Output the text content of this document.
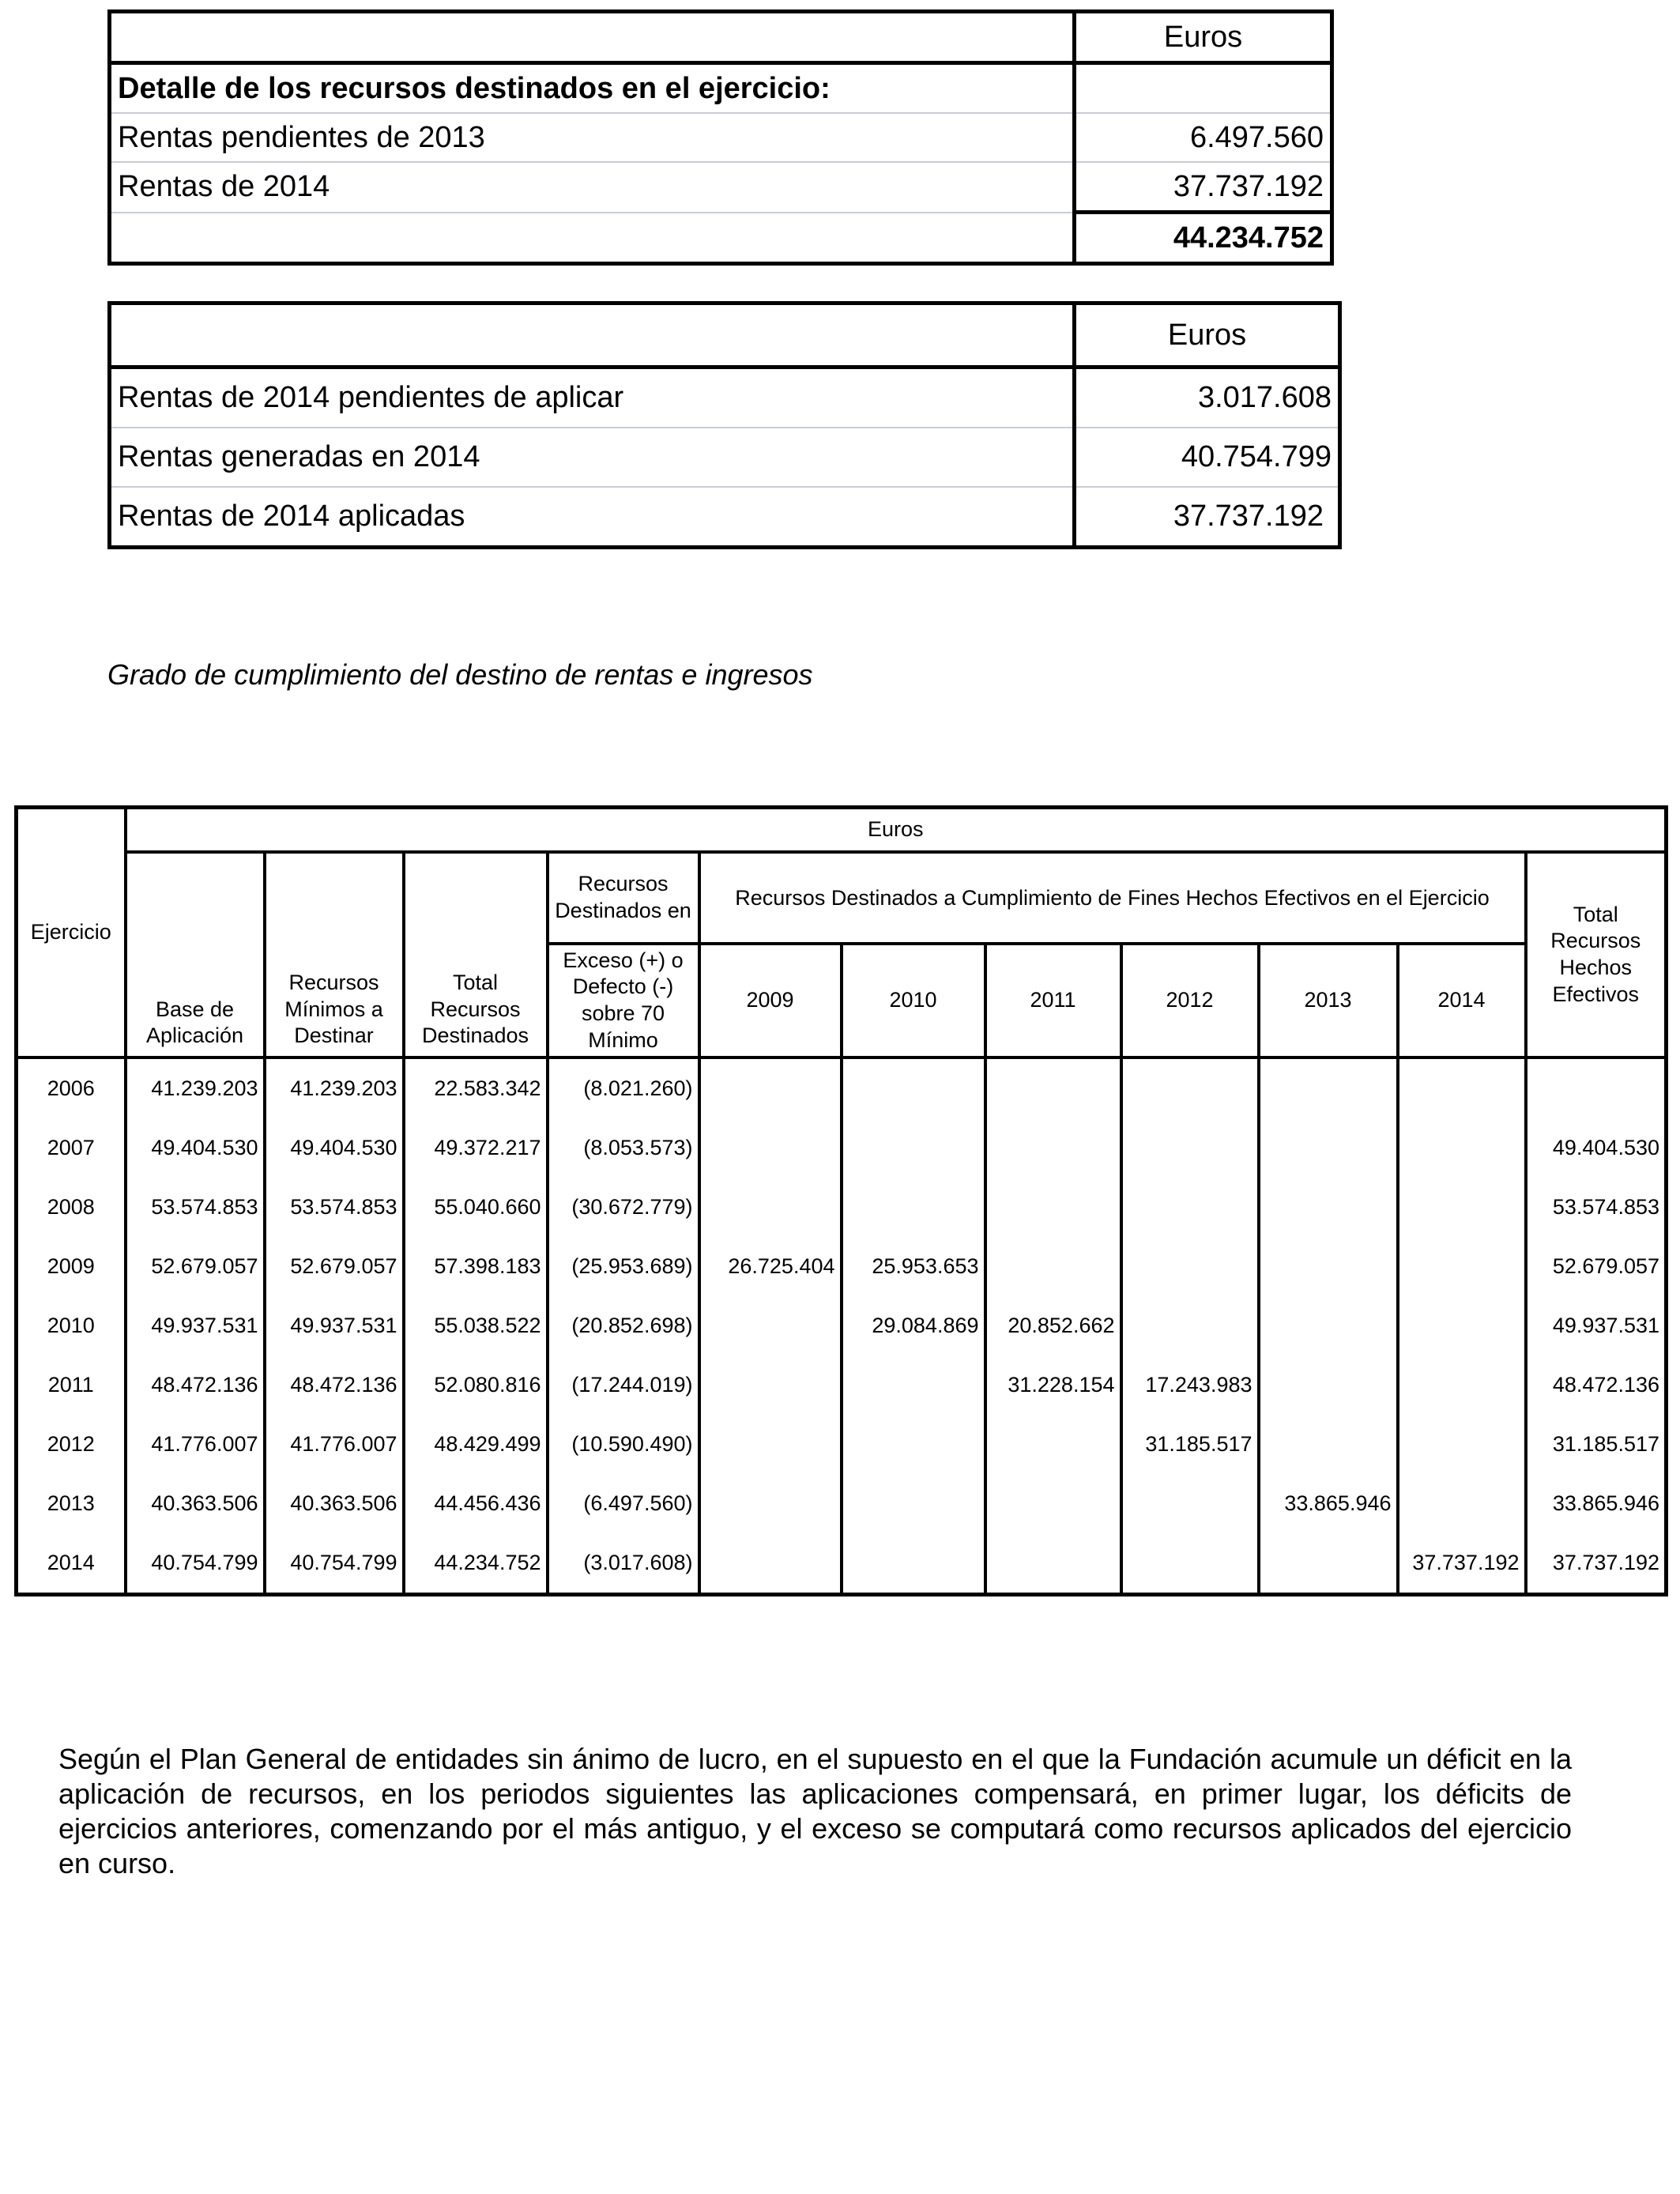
	Euros
Detalle de los recursos destinados en el ejercicio:	
Rentas pendientes de 2013	6.497.560
Rentas de 2014	37.737.192
	44.234.752
	Euros
Rentas de 2014 pendientes de aplicar	3.017.608
Rentas generadas en 2014	40.754.799
Rentas de 2014 aplicadas	37.737.192
Grado de cumplimiento del destino de rentas e ingresos
Ejercicio	Euros										
	Base de Aplicación	Recursos Mínimos a Destinar	Total Recursos Destinados	Recursos Destinados en	Recursos Destinados a Cumplimiento de Fines Hechos Efectivos en el Ejercicio						Total Recursos Hechos Efectivos
				Exceso (+) o Defecto (-) sobre 70 Mínimo	2009	2010	2011	2012	2013	2014	
2006	41.239.203	41.239.203	22.583.342	(8.021.260)							
2007	49.404.530	49.404.530	49.372.217	(8.053.573)							49.404.530
2008	53.574.853	53.574.853	55.040.660	(30.672.779)							53.574.853
2009	52.679.057	52.679.057	57.398.183	(25.953.689)	26.725.404	25.953.653					52.679.057
2010	49.937.531	49.937.531	55.038.522	(20.852.698)		29.084.869	20.852.662				49.937.531
2011	48.472.136	48.472.136	52.080.816	(17.244.019)			31.228.154	17.243.983			48.472.136
2012	41.776.007	41.776.007	48.429.499	(10.590.490)				31.185.517			31.185.517
2013	40.363.506	40.363.506	44.456.436	(6.497.560)					33.865.946		33.865.946
2014	40.754.799	40.754.799	44.234.752	(3.017.608)						37.737.192	37.737.192
Según el Plan General de entidades sin ánimo de lucro, en el supuesto en el que la Fundación acumule un déficit en la aplicación de recursos, en los periodos siguientes las aplicaciones compensará, en primer lugar, los déficits de ejercicios anteriores, comenzando por el más antiguo, y el exceso se computará como recursos aplicados del ejercicio en curso.
